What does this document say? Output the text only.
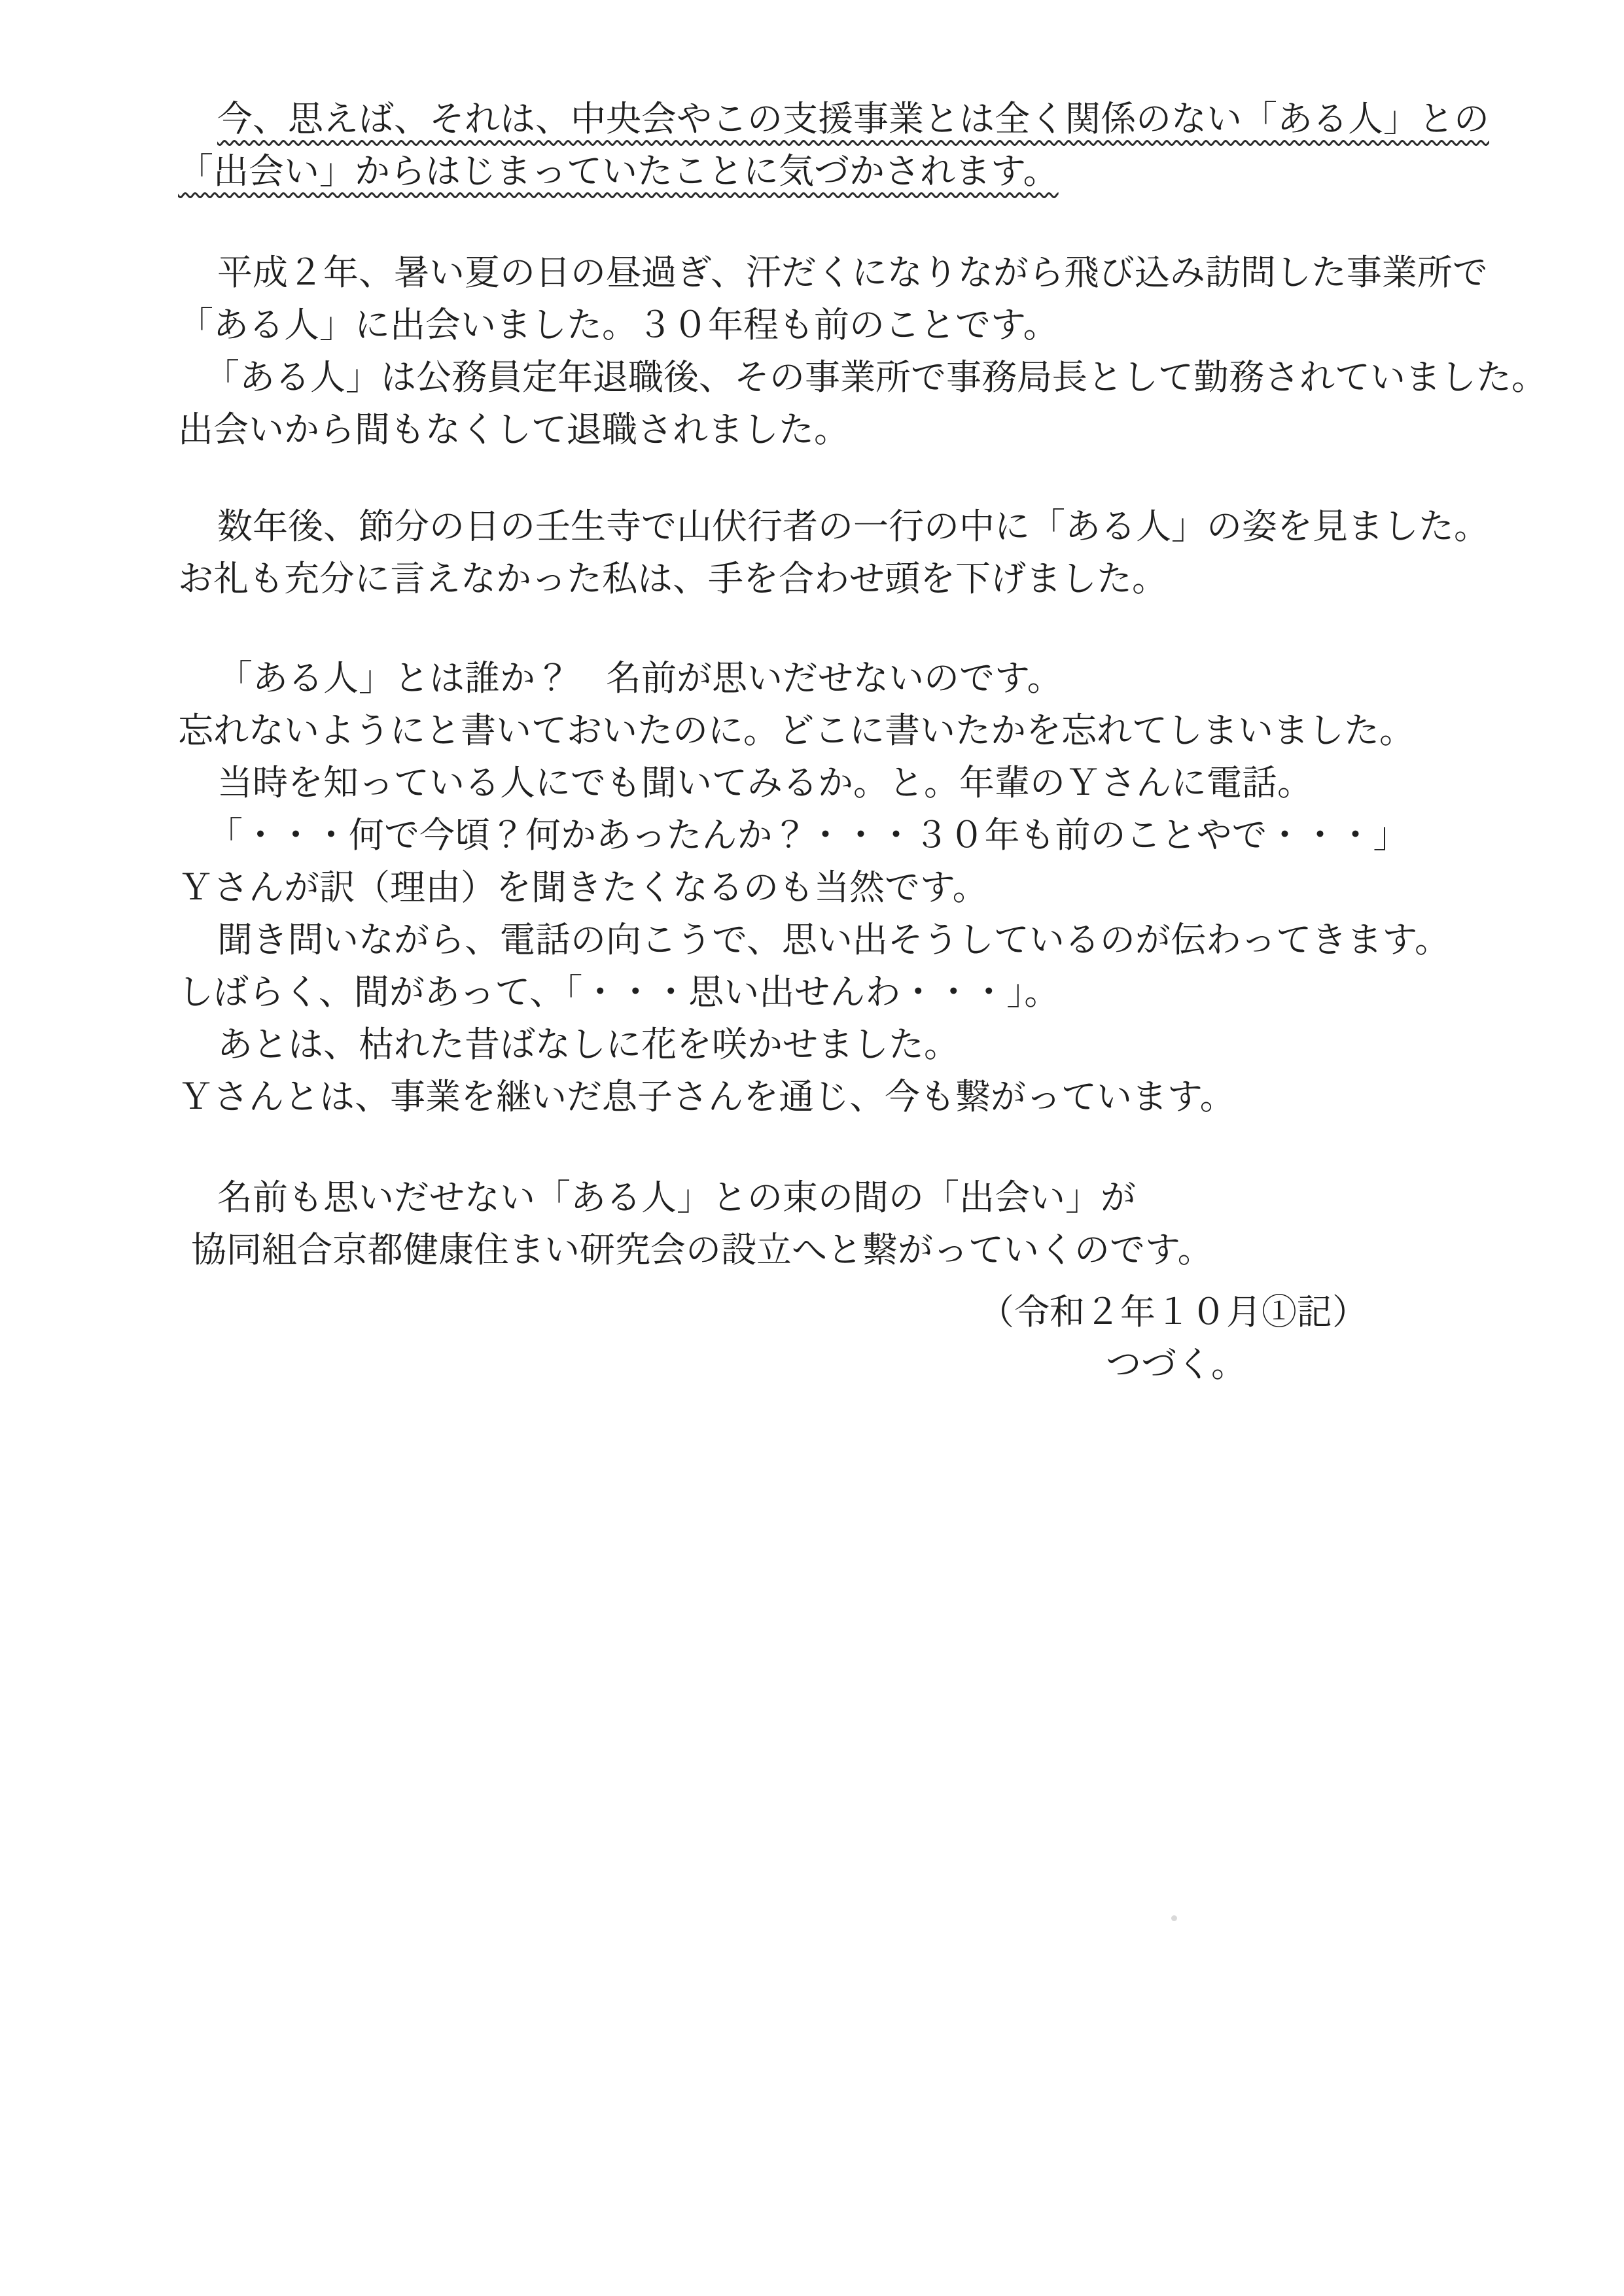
今、思えば、それは、中央会やこの支援事業とは全く関係のない「ある人」との
「出会い」からはじまっていたことに気づかされます。
平成２年、暑い夏の日の昼過ぎ、汗だくになりながら飛び込み訪問した事業所で
「ある人」に出会いました。３０年程も前のことです。
「ある人」は公務員定年退職後、その事業所で事務局長として勤務されていました。
出会いから間もなくして退職されました。
数年後、節分の日の壬生寺で山伏行者の一行の中に「ある人」の姿を見ました。
お礼も充分に言えなかった私は、手を合わせ頭を下げました。
「ある人」とは誰か？　名前が思いだせないのです。
忘れないようにと書いておいたのに。どこに書いたかを忘れてしまいました。
当時を知っている人にでも聞いてみるか。と。年輩のＹさんに電話。
「・・・何で今頃？何かあったんか？・・・３０年も前のことやで・・・」
Ｙさんが訳（理由）を聞きたくなるのも当然です。
聞き問いながら、電話の向こうで、思い出そうしているのが伝わってきます。
しばらく、間があって、「・・・思い出せんわ・・・」。
あとは、枯れた昔ばなしに花を咲かせました。
Ｙさんとは、事業を継いだ息子さんを通じ、今も繋がっています。
名前も思いだせない「ある人」との束の間の「出会い」が
協同組合京都健康住まい研究会の設立へと繋がっていくのです。
（令和２年１０月①記）
つづく。
